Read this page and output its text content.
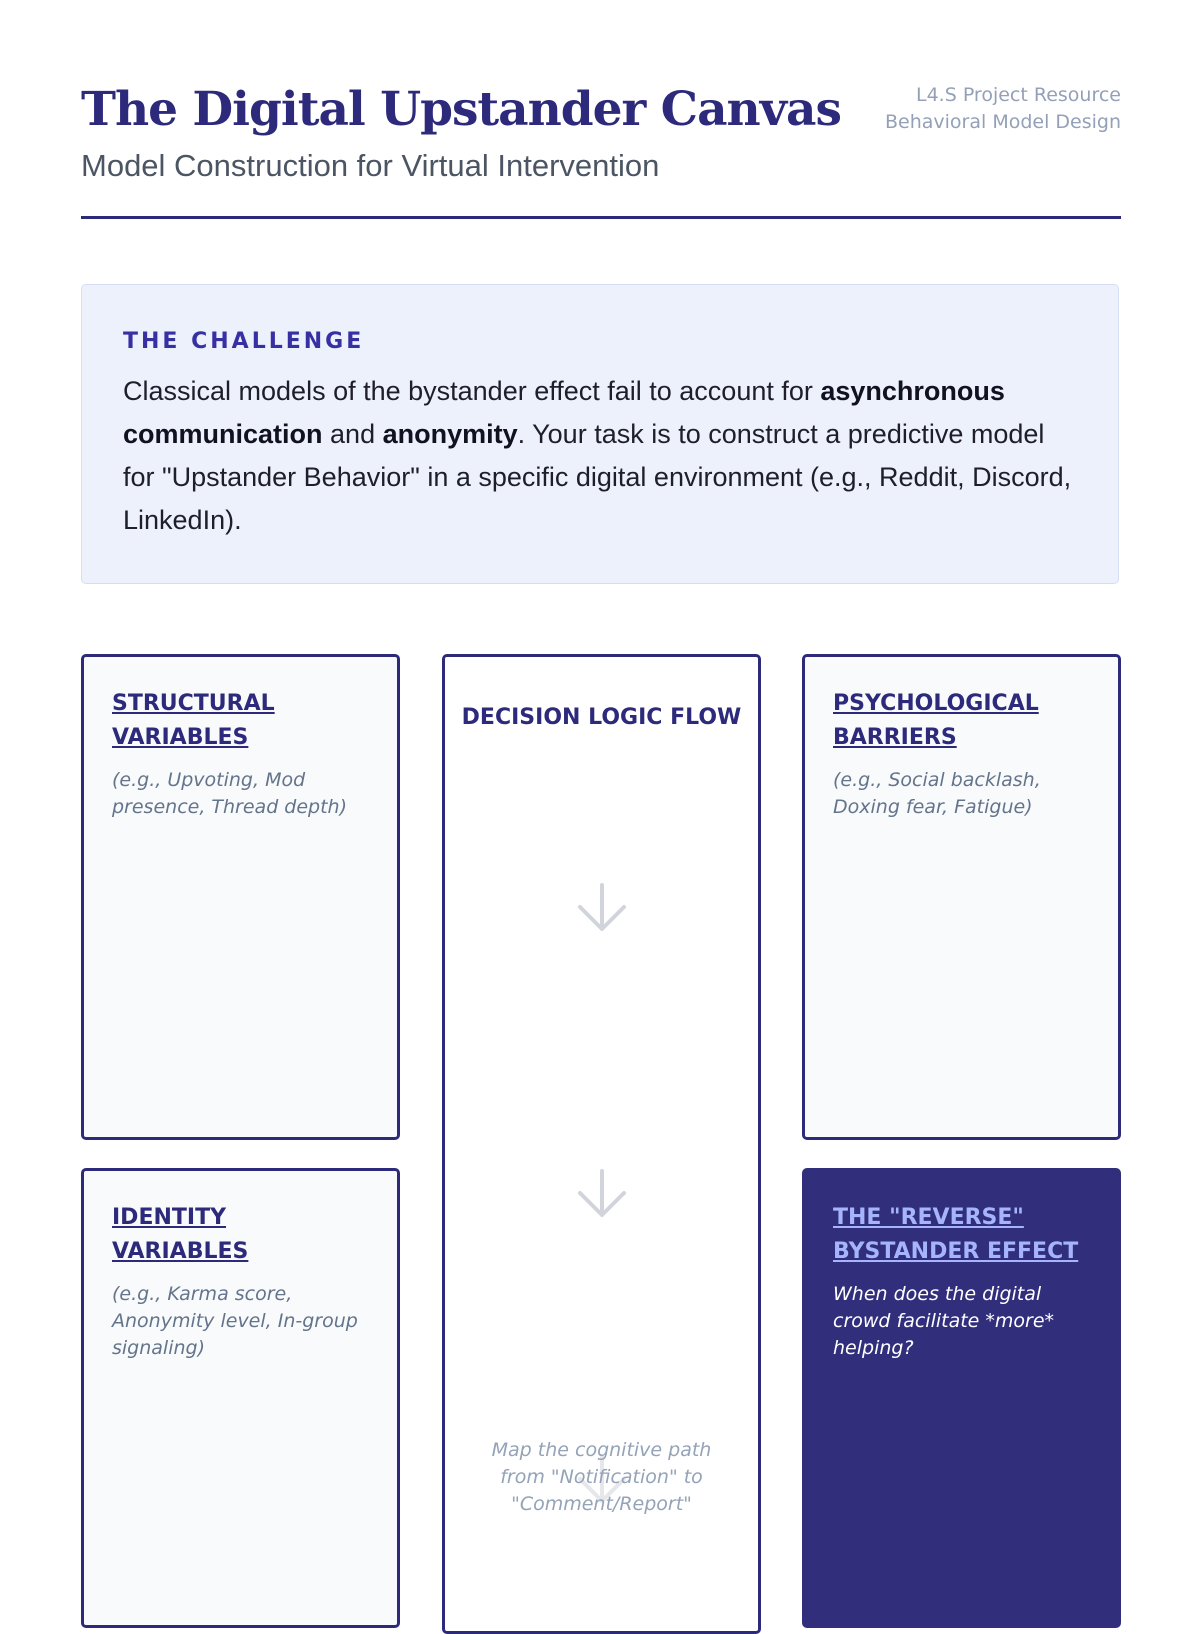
The Digital Upstander Canvas
Model Construction for Virtual Intervention
L4.S Project Resource
Behavioral Model Design
THE CHALLENGE

Classical models of the bystander effect fail to account for asynchronous communication and anonymity. Your task is to construct a predictive model for "Upstander Behavior" in a specific digital environment (e.g., Reddit, Discord, LinkedIn).

STRUCTURAL VARIABLES

(e.g., Upvoting, Mod presence, Thread depth)

DECISION LOGIC FLOW
Map the cognitive path from "Notification" to "Comment/Report"
PSYCHOLOGICAL BARRIERS

(e.g., Social backlash, Doxing fear, Fatigue)

IDENTITY VARIABLES

(e.g., Karma score, Anonymity level, In-group signaling)

THE "REVERSE" BYSTANDER EFFECT

When does the digital crowd facilitate *more* helping?
